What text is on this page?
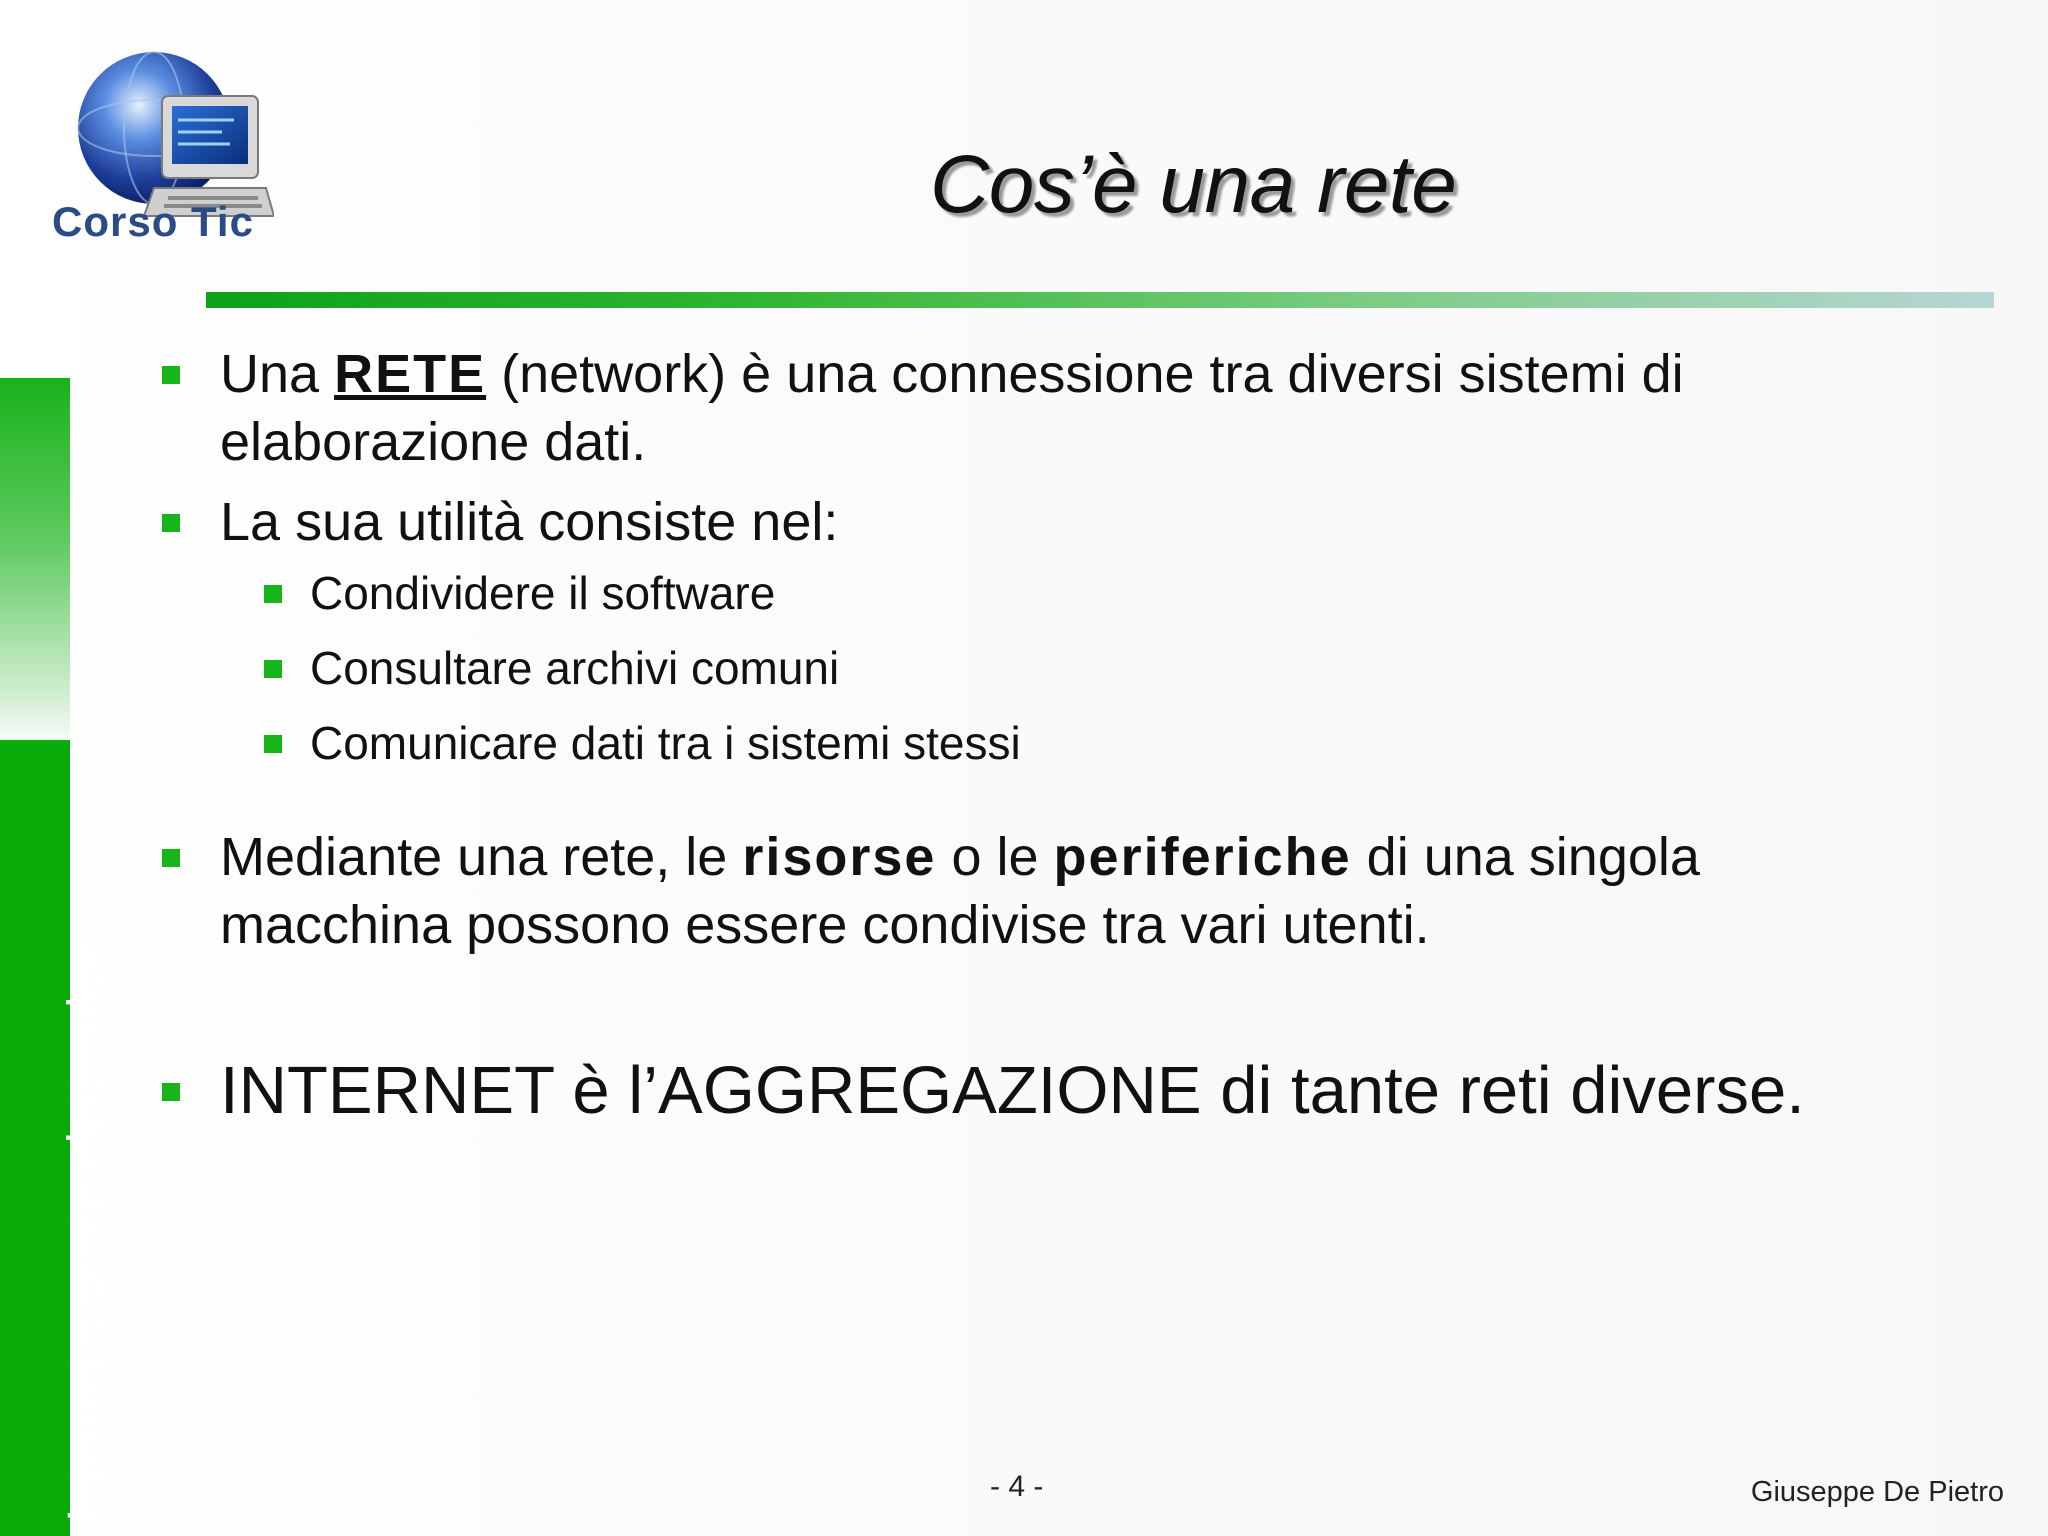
Internet e posta elettronica
Corso Tic	Cos’è una rete
Una RETE (network) è una connessione tra diversi sistemi di
elaborazione dati.
La sua utilità consiste nel:
Condividere il software
Consultare archivi comuni
Comunicare dati tra i sistemi stessi
Mediante una rete, le risorse o le periferiche di una singola
macchina possono essere condivise tra vari utenti.
INTERNET è l’AGGREGAZIONE di tante reti diverse.
- 4 -	Giuseppe De Pietro
